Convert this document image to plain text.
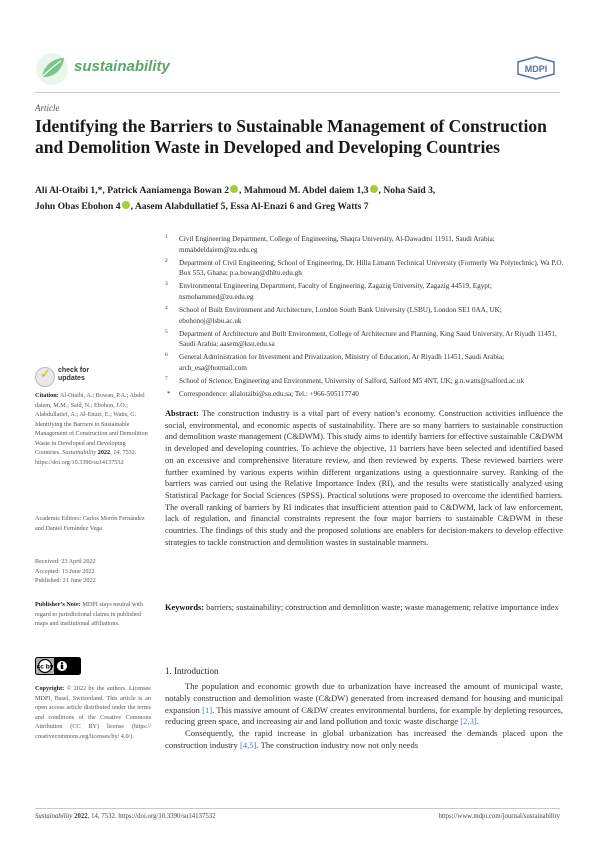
sustainability	MDPI
Article
Identifying the Barriers to Sustainable Management of Construction and Demolition Waste in Developed and Developing Countries
Ali Al-Otaibi 1,*, Patrick Aaniamenga Bowan 2 , Mahmoud M. Abdel daiem 1,3 , Noha Said 3,
John Obas Ebohon 4 , Aasem Alabdullatief 5, Essa Al-Enazi 6 and Greg Watts 7
1 Civil Engineering Department, College of Engineering, Shaqra University, Al-Dawadmi 11911, Saudi Arabia; mmabdeldaiem@zu.edu.eg
2 Department of Civil Engineering, School of Engineering, Dr. Hilla Limann Technical University (Formerly Wa Polytechnic), Wa P.O. Box 553, Ghana; p.a.bowan@dhltu.edu.gh
3 Environmental Engineering Department, Faculty of Engineering, Zagazig University, Zagazig 44519, Egypt; nsmohammed@zu.edu.eg
4 School of Built Environment and Architecture, London South Bank University (LSBU), London SE1 0AA, UK; ebohonoj@lsbu.ac.uk
5 Department of Architecture and Built Environment, College of Architecture and Planning, King Saud University, Ar Riyadh 11451, Saudi Arabia; aasem@ksu.edu.sa
6 General Administration for Investment and Privatization, Ministry of Education, Ar Riyadh 11451, Saudi Arabia; arch_esa@hotmail.com
7 School of Science, Engineering and Environment, University of Salford, Salford M5 4NT, UK; g.n.watts@salford.ac.uk
* Correspondence: alialotaibi@su.edu.sa; Tel.: +966-505117740
✓ check for
updates

Citation: Al-Otaibi, A.; Bowan, P.A.; Abdel daiem, M.M.; Said, N.; Ebohon, J.O.; Alabdullatief, A.; Al-Enazi, E.; Watts, G. Identifying the Barriers to Sustainable Management of Construction and Demolition Waste in Developed and Developing Countries. Sustainability 2022, 14, 7532. https://doi.org/10.3390/su14137532

Academic Editors: Carlos Morón Fernández and Daniel Ferrández Vega

Received: 23 April 2022

Accepted: 13 June 2022

Published: 21 June 2022

Publisher’s Note: MDPI stays neutral with regard to jurisdictional claims in published maps and institutional affiliations.

cc by

Copyright: © 2022 by the authors. Licensee MDPI, Basel, Switzerland. This article is an open access article distributed under the terms and conditions of the Creative Commons Attribution (CC BY) license (https:// creativecommons.org/licenses/by/ 4.0/).

Abstract: The construction industry is a vital part of every nation’s economy. Construction activities influence the social, environmental, and economic aspects of sustainability. There are so many barriers to sustainable construction and demolition waste management (C&DWM). This study aims to identify barriers for effective sustainable C&DWM in developed and developing countries. To achieve the objective, 11 barriers have been selected and identified based on an excessive and comprehensive literature review, and then reviewed by experts. These reviewed barriers were further examined by various experts within different organizations using a questionnaire survey. Ranking of the barriers was carried out using the Relative Importance Index (RI), and the results were statistically analyzed using Statistical Package for Social Sciences (SPSS). Practical solutions were proposed to overcome the identified barriers. The overall ranking of barriers by RI indicates that insufficient attention paid to C&DWM, lack of law enforcement, lack of regulation, and financial constraints represent the four major barriers to sustainable C&DWM in these countries. The findings of this study and the proposed solutions are enablers for decision-makers to develop effective strategies to tackle construction and demolition wastes in sustainable manners.
Keywords: barriers; sustainability; construction and demolition waste; waste management; relative importance index
1. Introduction

The population and economic growth due to urbanization have increased the amount of municipal waste, notably construction and demolition waste (C&DW) generated from increased demand for housing and municipal expansion [1]. This massive amount of C&DW creates environmental burdens, for example by depleting resources, reducing green space, and increasing air and land pollution and toxic waste discharge [2,3].

Consequently, the rapid increase in global urbanization has increased the demands placed upon the construction industry [4,5]. The construction industry now not only needs

Sustainability 2022, 14, 7532. https://doi.org/10.3390/su14137532	https://www.mdpi.com/journal/sustainability
